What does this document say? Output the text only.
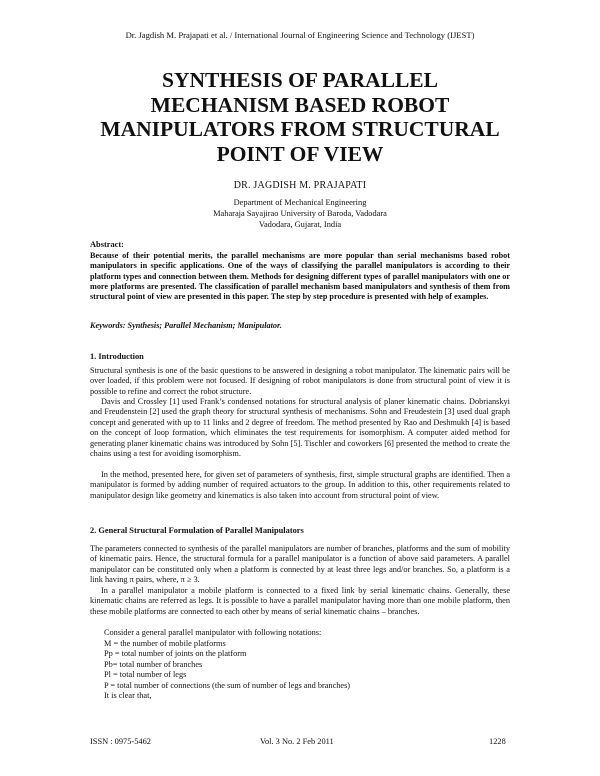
Dr. Jagdish M. Prajapati et al. / International Journal of Engineering Science and Technology (IJEST)
SYNTHESIS OF PARALLEL
MECHANISM BASED ROBOT
MANIPULATORS FROM STRUCTURAL
POINT OF VIEW
DR. JAGDISH M. PRAJAPATI
Department of Mechanical Engineering
Maharaja Sayajirao University of Baroda, Vadodara
Vadodara, Gujarat, India
Abstract:

Because of their potential merits, the parallel mechanisms are more popular than serial mechanisms based robot manipulators in specific applications. One of the ways of classifying the parallel manipulators is according to their platform types and connection between them. Methods for designing different types of parallel manipulators with one or more platforms are presented. The classification of parallel mechanism based manipulators and synthesis of them from structural point of view are presented in this paper. The step by step procedure is presented with help of examples.

Keywords: Synthesis; Parallel Mechanism; Manipulator.
1. Introduction

Structural synthesis is one of the basic questions to be answered in designing a robot manipulator. The kinematic pairs will be over loaded, if this problem were not focused. If designing of robot manipulators is done from structural point of view it is possible to refine and correct the robot structure.

Davis and Crossley [1] used Frank’s condensed notations for structural analysis of planer kinematic chains. Dobrianskyi and Freudenstein [2] used the graph theory for structural synthesis of mechanisms. Sohn and Freudestein [3] used dual graph concept and generated with up to 11 links and 2 degree of freedom. The method presented by Rao and Deshmukh [4] is based on the concept of loop formation, which eliminates the test requirements for isomorphism. A computer aided method for generating planer kinematic chains was introduced by Sohn [5]. Tischler and coworkers [6] presented the method to create the chains using a test for avoiding isomorphism.

In the method, presented here, for given set of parameters of synthesis, first, simple structural graphs are identified. Then a manipulator is formed by adding number of required actuators to the group. In addition to this, other requirements related to manipulator design like geometry and kinematics is also taken into account from structural point of view.

2. General Structural Formulation of Parallel Manipulators

The parameters connected to synthesis of the parallel manipulators are number of branches, platforms and the sum of mobility of kinematic pairs. Hence, the structural formula for a parallel manipulator is a function of above said parameters. A parallel manipulator can be constituted only when a platform is connected by at least three legs and/or branches. So, a platform is a link having π pairs, where, π ≥ 3.

In a parallel manipulator a mobile platform is connected to a fixed link by serial kinematic chains. Generally, these kinematic chains are referred as legs. It is possible to have a parallel manipulator having more than one mobile platform, then these mobile platforms are connected to each other by means of serial kinematic chains – branches.

Consider a general parallel manipulator with following notations:
M = the number of mobile platforms
Pp = total number of joints on the platform
Pb= total number of branches
Pl = total number of legs
P = total number of connections (the sum of number of legs and branches)
It is clear that,
ISSN : 0975-5462	Vol. 3 No. 2 Feb 2011	1228
